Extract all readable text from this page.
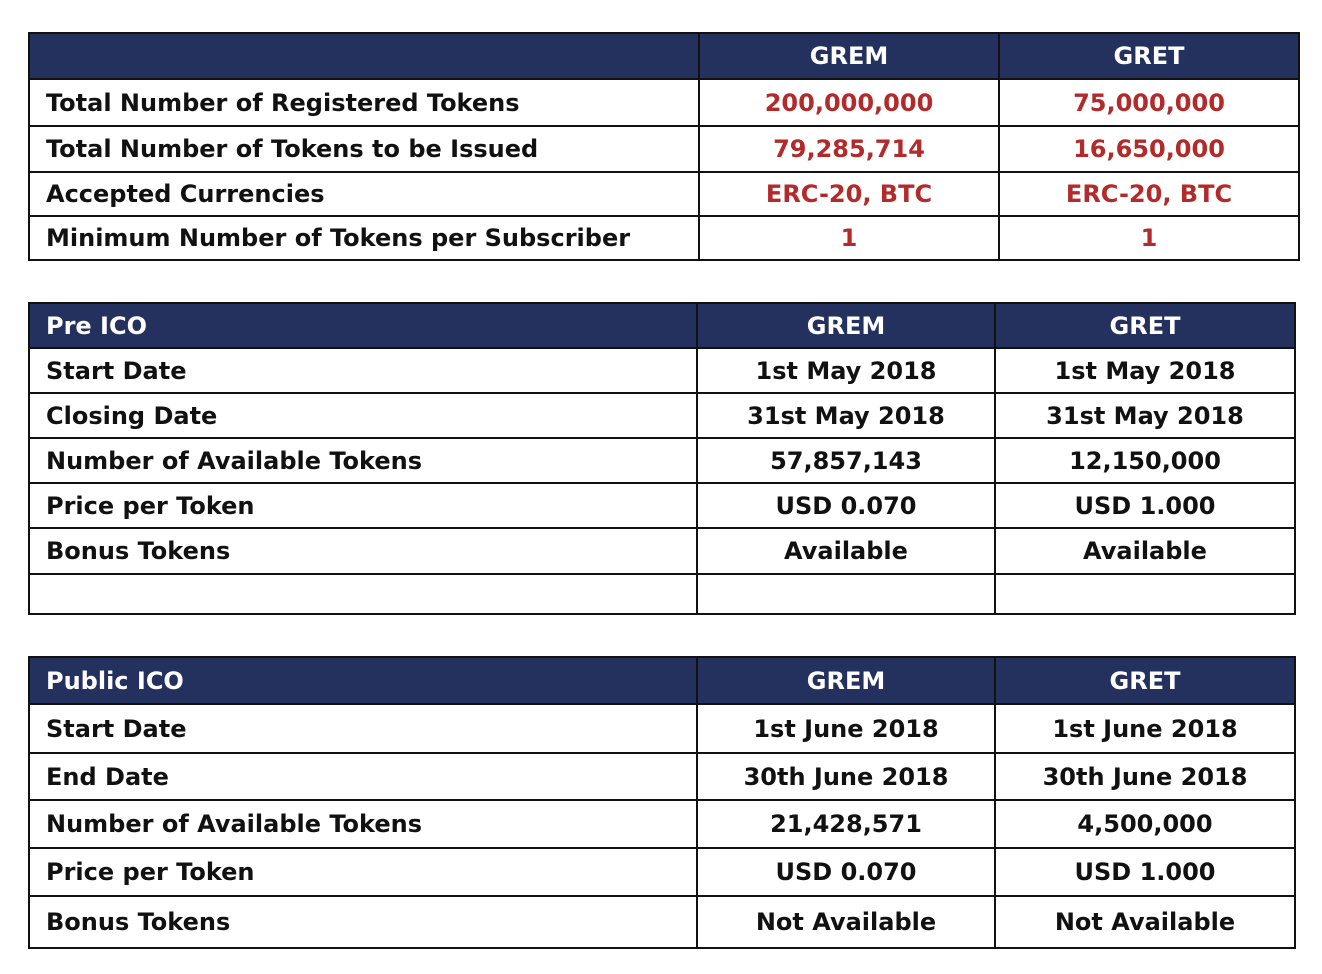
	GREM	GRET
Total Number of Registered Tokens	200,000,000	75,000,000
Total Number of Tokens to be Issued	79,285,714	16,650,000
Accepted Currencies	ERC-20, BTC	ERC-20, BTC
Minimum Number of Tokens per Subscriber	1	1
Pre ICO	GREM	GRET
Start Date	1st May 2018	1st May 2018
Closing Date	31st May 2018	31st May 2018
Number of Available Tokens	57,857,143	12,150,000
Price per Token	USD 0.070	USD 1.000
Bonus Tokens	Available	Available

Public ICO	GREM	GRET
Start Date	1st June 2018	1st June 2018
End Date	30th June 2018	30th June 2018
Number of Available Tokens	21,428,571	4,500,000
Price per Token	USD 0.070	USD 1.000
Bonus Tokens	Not Available	Not Available
